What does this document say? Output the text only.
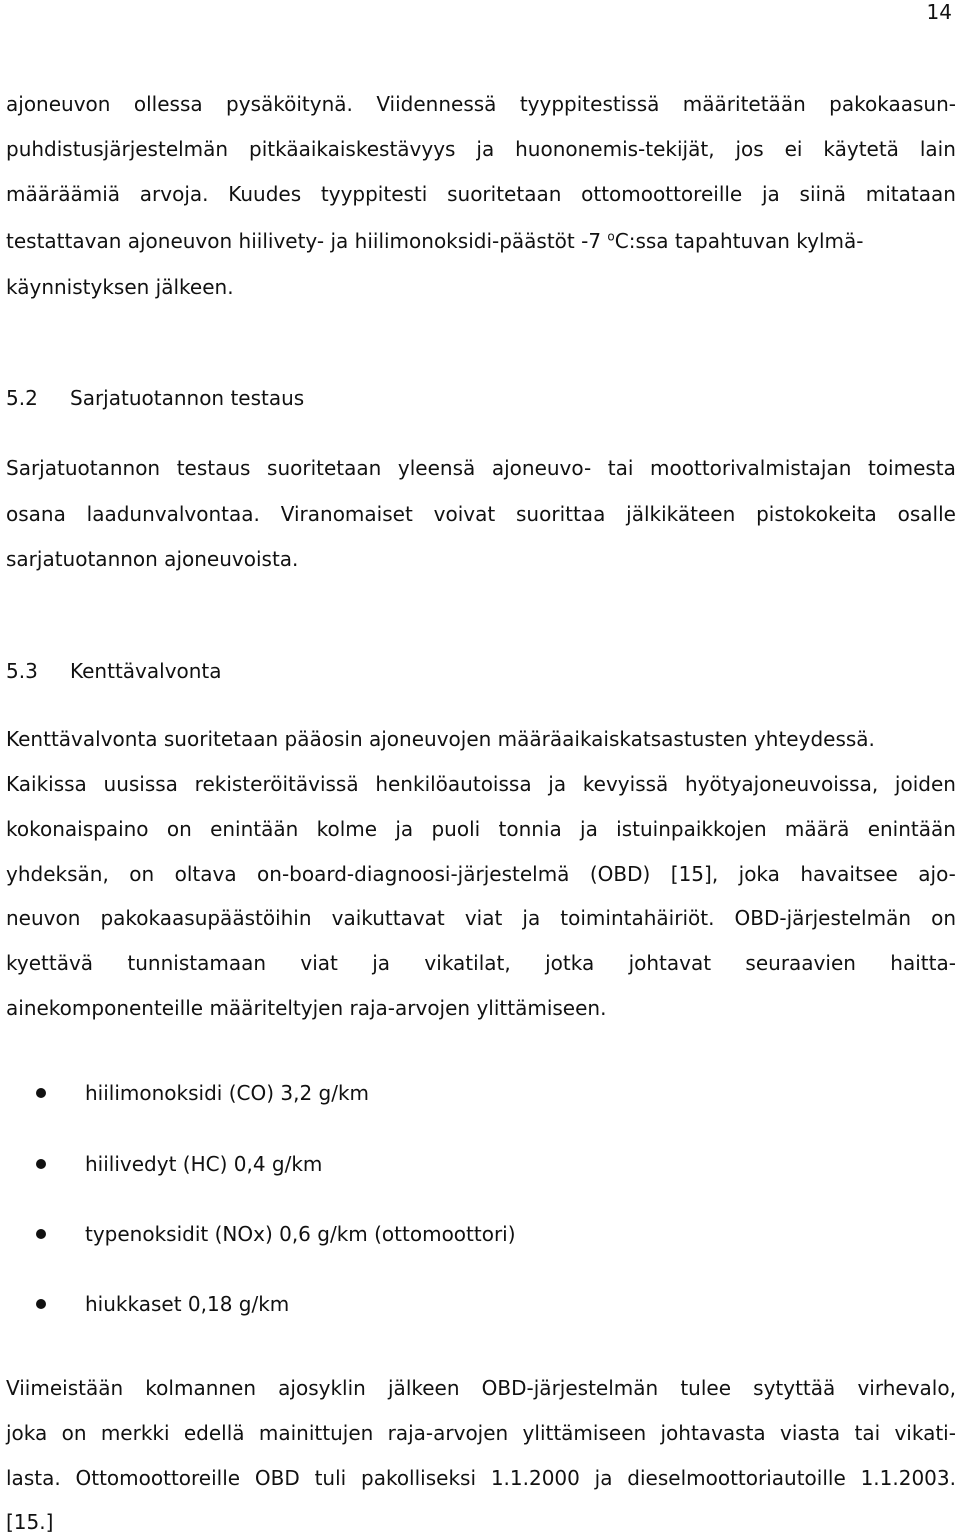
14
ajoneuvon ollessa pysäköitynä. Viidennessä tyyppitestissä määritetään pakokaasun-
puhdistusjärjestelmän pitkäaikaiskestävyys ja huononemis-tekijät, jos ei käytetä lain
määräämiä arvoja. Kuudes tyyppitesti suoritetaan ottomoottoreille ja siinä mitataan
testattavan ajoneuvon hiilivety- ja hiilimonoksidi-päästöt -7 $^o$C:ssa tapahtuvan kylmä-
käynnistyksen jälkeen.
5.2 Sarjatuotannon testaus
Sarjatuotannon testaus suoritetaan yleensä ajoneuvo- tai moottorivalmistajan toimesta
osana laadunvalvontaa. Viranomaiset voivat suorittaa jälkikäteen pistokokeita osalle
sarjatuotannon ajoneuvoista.
5.3 Kenttävalvonta
Kenttävalvonta suoritetaan pääosin ajoneuvojen määräaikaiskatsastusten yhteydessä.
Kaikissa uusissa rekisteröitävissä henkilöautoissa ja kevyissä hyötyajoneuvoissa, joiden
kokonaispaino on enintään kolme ja puoli tonnia ja istuinpaikkojen määrä enintään
yhdeksän, on oltava on-board-diagnoosi-järjestelmä (OBD) [15], joka havaitsee ajo-
neuvon pakokaasupäästöihin vaikuttavat viat ja toimintahäiriöt. OBD-järjestelmän on
kyettävä tunnistamaan viat ja vikatilat, jotka johtavat seuraavien haitta-
ainekomponenteille määriteltyjen raja-arvojen ylittämiseen.
hiilimonoksidi (CO) 3,2 g/km
hiilivedyt (HC) 0,4 g/km
typenoksidit (NOx) 0,6 g/km (ottomoottori)
hiukkaset 0,18 g/km
Viimeistään kolmannen ajosyklin jälkeen OBD-järjestelmän tulee sytyttää virhevalo,
joka on merkki edellä mainittujen raja-arvojen ylittämiseen johtavasta viasta tai vikati-
lasta. Ottomoottoreille OBD tuli pakolliseksi 1.1.2000 ja dieselmoottoriautoille 1.1.2003.
[15.]
